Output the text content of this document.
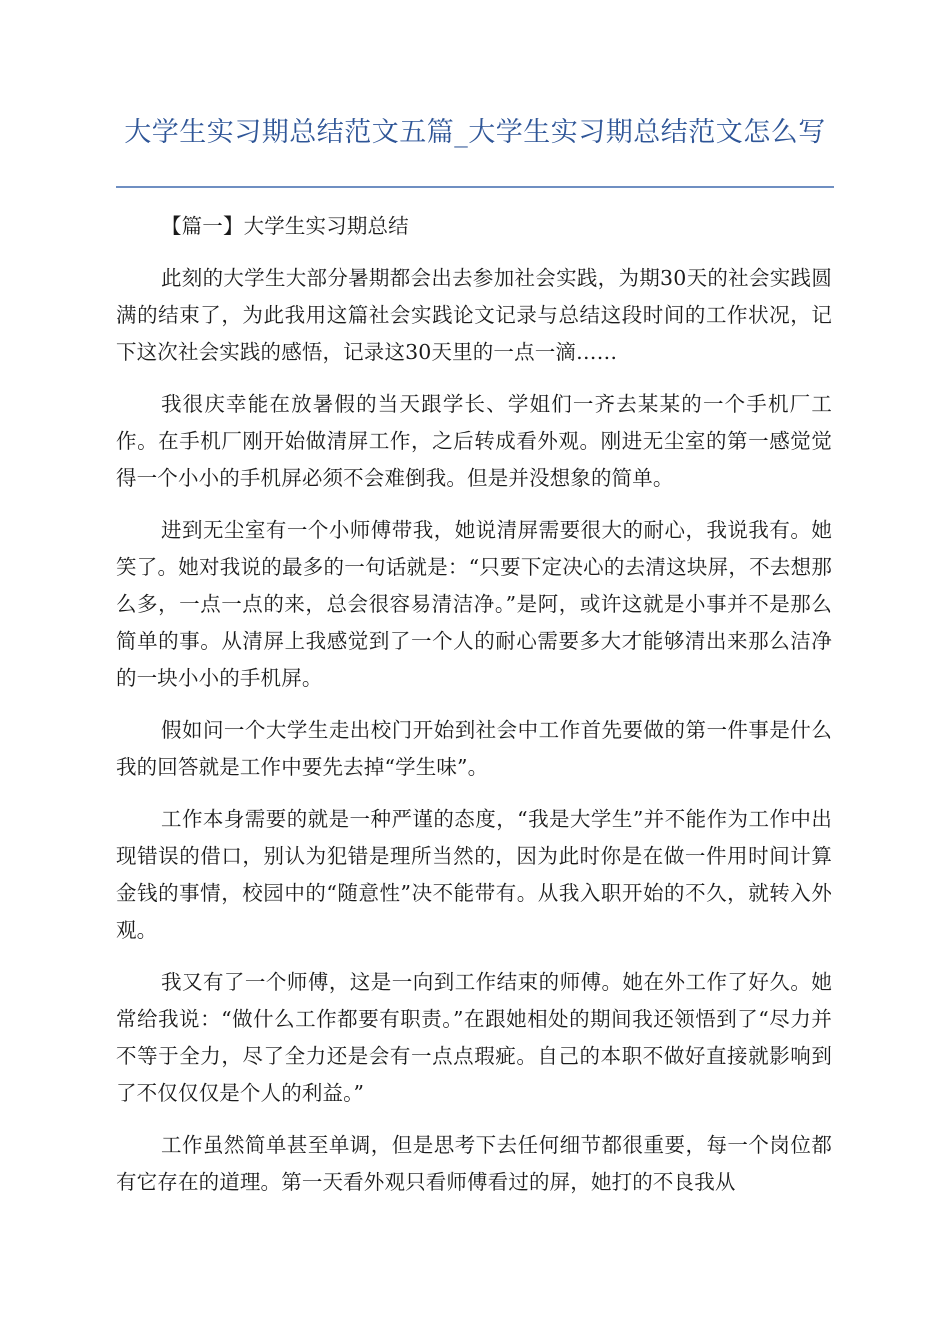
大学生实习期总结范文五篇_大学生实习期总结范文怎么写

【篇一】大学生实习期总结

此刻的大学生大部分暑期都会出去参加社会实践，为期30天的社会实践圆满的结束了，为此我用这篇社会实践论文记录与总结这段时间的工作状况，记下这次社会实践的感悟，记录这30天里的一点一滴……

我很庆幸能在放暑假的当天跟学长、学姐们一齐去某某的一个手机厂工作。在手机厂刚开始做清屏工作，之后转成看外观。刚进无尘室的第一感觉觉得一个小小的手机屏必须不会难倒我。但是并没想象的简单。

进到无尘室有一个小师傅带我，她说清屏需要很大的耐心，我说我有。她笑了。她对我说的最多的一句话就是：“只要下定决心的去清这块屏，不去想那么多，一点一点的来，总会很容易清洁净。”是阿，或许这就是小事并不是那么简单的事。从清屏上我感觉到了一个人的耐心需要多大才能够清出来那么洁净的一块小小的手机屏。

假如问一个大学生走出校门开始到社会中工作首先要做的第一件事是什么我的回答就是工作中要先去掉“学生味”。

工作本身需要的就是一种严谨的态度，“我是大学生”并不能作为工作中出现错误的借口，别认为犯错是理所当然的，因为此时你是在做一件用时间计算金钱的事情，校园中的“随意性”决不能带有。从我入职开始的不久，就转入外观。

我又有了一个师傅，这是一向到工作结束的师傅。她在外工作了好久。她常给我说：“做什么工作都要有职责。”在跟她相处的期间我还领悟到了“尽力并不等于全力，尽了全力还是会有一点点瑕疵。自己的本职不做好直接就影响到了不仅仅仅是个人的利益。”

工作虽然简单甚至单调，但是思考下去任何细节都很重要，每一个岗位都有它存在的道理。第一天看外观只看师傅看过的屏，她打的不良我从
